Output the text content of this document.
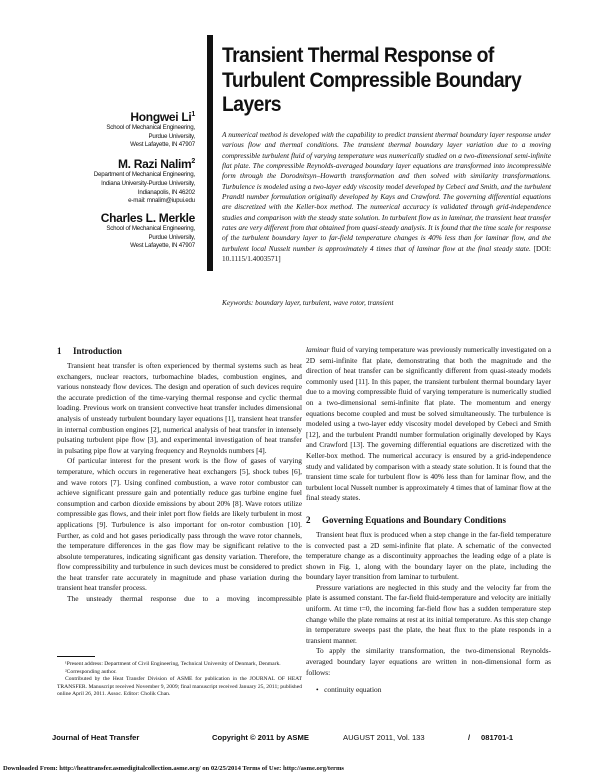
Transient Thermal Response of Turbulent Compressible Boundary Layers
Hongwei Li$^1$
School of Mechanical Engineering,
Purdue University,
West Lafayette, IN 47907
M. Razi Nalim$^2$
Department of Mechanical Engineering,
Indiana University-Purdue University,
Indianapolis, IN 46202
e-mail: mnalim@iupui.edu
Charles L. Merkle
School of Mechanical Engineering,
Purdue University,
West Lafayette, IN 47907
A numerical method is developed with the capability to predict transient thermal boundary layer response under various flow and thermal conditions. The transient thermal boundary layer variation due to a moving compressible turbulent fluid of varying temperature was numerically studied on a two-dimensional semi-infinite flat plate. The compressible Reynolds-averaged boundary layer equations are transformed into incompressible form through the Dorodnitsyn–Howarth transformation and then solved with similarity transformations. Turbulence is modeled using a two-layer eddy viscosity model developed by Cebeci and Smith, and the turbulent Prandtl number formulation originally developed by Kays and Crawford. The governing differential equations are discretized with the Keller-box method. The numerical accuracy is validated through grid-independence studies and comparison with the steady state solution. In turbulent flow as in laminar, the transient heat transfer rates are very different from that obtained from quasi-steady analysis. It is found that the time scale for response of the turbulent boundary layer to far-field temperature changes is 40% less than for laminar flow, and the turbulent local Nusselt number is approximately 4 times that of laminar flow at the final steady state. [DOI: 10.1115/1.4003571]
Keywords: boundary layer, turbulent, wave rotor, transient
1 Introduction

Transient heat transfer is often experienced by thermal systems such as heat exchangers, nuclear reactors, turbomachine blades, combustion engines, and various nonsteady flow devices. The design and operation of such devices require the accurate prediction of the time-varying thermal response and cyclic thermal loading. Previous work on transient convective heat transfer includes dimensional analysis of unsteady turbulent boundary layer equations [1], transient heat transfer in internal combustion engines [2], numerical analysis of heat transfer in intensely pulsating turbulent pipe flow [3], and experimental investigation of heat transfer in pulsating pipe flow at varying frequency and Reynolds numbers [4].

Of particular interest for the present work is the flow of gases of varying temperature, which occurs in regenerative heat exchangers [5], shock tubes [6], and wave rotors [7]. Using confined combustion, a wave rotor combustor can achieve significant pressure gain and potentially reduce gas turbine engine fuel consumption and carbon dioxide emissions by about 20% [8]. Wave rotors utilize compressible gas flows, and their inlet port flow fields are likely turbulent in most applications [9]. Turbulence is also important for on-rotor combustion [10]. Further, as cold and hot gases periodically pass through the wave rotor channels, the temperature differences in the gas flow may be significant relative to the absolute temperatures, indicating significant gas density variation. Therefore, the flow compressibility and turbulence in such devices must be considered to predict the heat transfer rate accurately in magnitude and phase variation during the transient heat transfer process.

The unsteady thermal response due to a moving incompressible

laminar fluid of varying temperature was previously numerically investigated on a 2D semi-infinite flat plate, demonstrating that both the magnitude and the direction of heat transfer can be significantly different from quasi-steady models commonly used [11]. In this paper, the transient turbulent thermal boundary layer due to a moving compressible fluid of varying temperature is numerically studied on a two-dimensional semi-infinite flat plate. The momentum and energy equations become coupled and must be solved simultaneously. The turbulence is modeled using a two-layer eddy viscosity model developed by Cebeci and Smith [12], and the turbulent Prandtl number formulation originally developed by Kays and Crawford [13]. The governing differential equations are discretized with the Keller-box method. The numerical accuracy is ensured by a grid-independence study and validated by comparison with a steady state solution. It is found that the transient time scale for turbulent flow is 40% less than for laminar flow, and the turbulent local Nusselt number is approximately 4 times that of laminar flow at the final steady states.

2 Governing Equations and Boundary Conditions

Transient heat flux is produced when a step change in the far-field temperature is convected past a 2D semi-infinite flat plate. A schematic of the convected temperature change as a discontinuity approaches the leading edge of a plate is shown in Fig. 1, along with the boundary layer on the plate, including the boundary layer transition from laminar to turbulent.

Pressure variations are neglected in this study and the velocity far from the plate is assumed constant. The far-field fluid-temperature and velocity are initially uniform. At time t=0, the incoming far-field flow has a sudden temperature step change while the plate remains at rest at its initial temperature. As this step change in temperature sweeps past the plate, the heat flux to the plate responds in a transient manner.

To apply the similarity transformation, the two-dimensional Reynolds-averaged boundary layer equations are written in non-dimensional form as follows:

•   continuity equation

¹Present address: Department of Civil Engineering, Technical University of Denmark, Denmark.

²Corresponding author.

Contributed by the Heat Transfer Division of ASME for publication in the JOURNAL OF HEAT TRANSFER. Manuscript received November 9, 2009; final manuscript received January 25, 2011; published online April 26, 2011. Assoc. Editor: Cholik Chan.

Journal of Heat Transfer	Copyright © 2011 by ASME	AUGUST 2011, Vol. 133	/ 081701-1
Downloaded From: http://heattransfer.asmedigitalcollection.asme.org/ on 02/25/2014 Terms of Use: http://asme.org/terms
